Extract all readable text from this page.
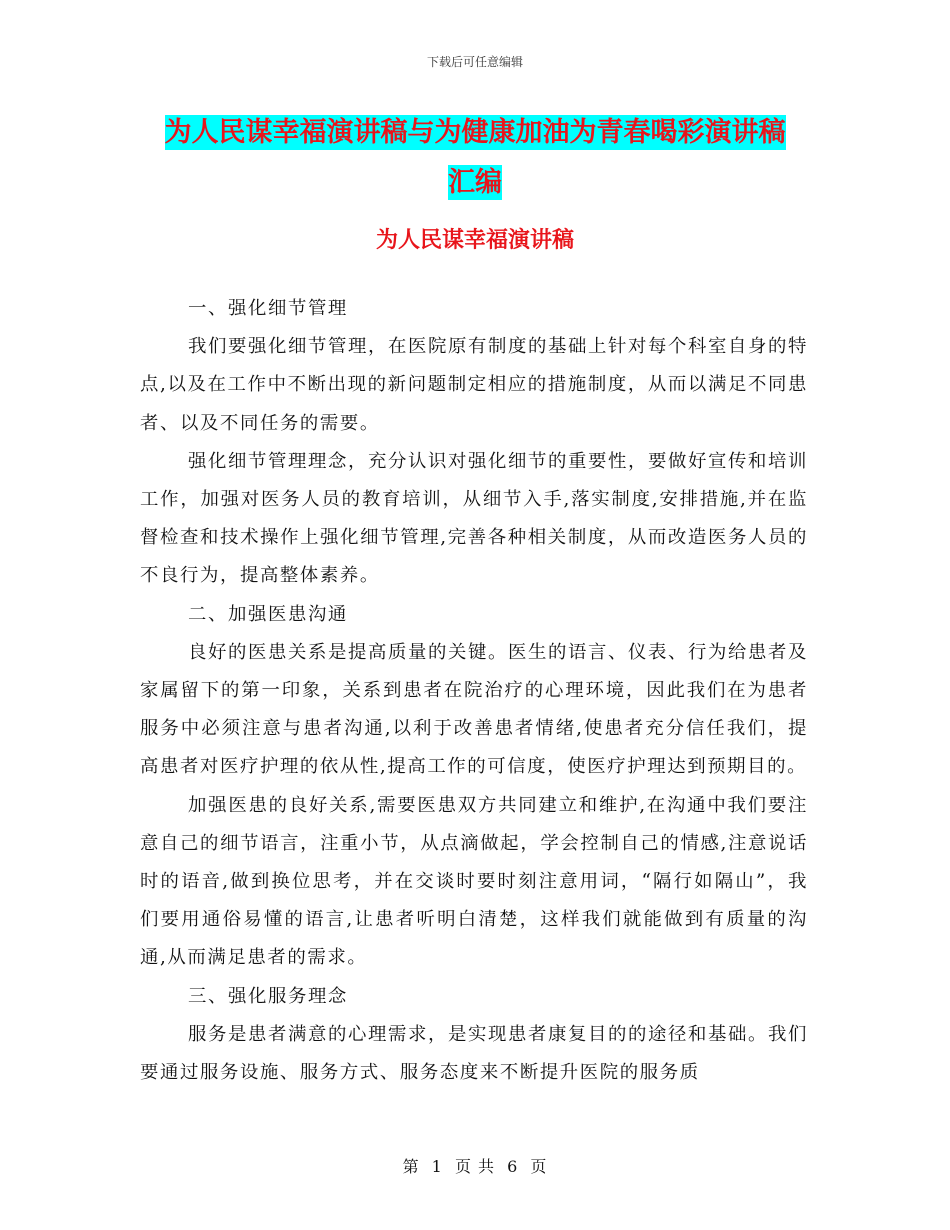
下载后可任意编辑
为人民谋幸福演讲稿与为健康加油为青春喝彩演讲稿
汇编
为人民谋幸福演讲稿

一、强化细节管理

我们要强化细节管理，在医院原有制度的基础上针对每个科室自身的特点,以及在工作中不断出现的新问题制定相应的措施制度，从而以满足不同患者、以及不同任务的需要。

强化细节管理理念，充分认识对强化细节的重要性，要做好宣传和培训工作，加强对医务人员的教育培训，从细节入手,落实制度,安排措施,并在监督检查和技术操作上强化细节管理,完善各种相关制度，从而改造医务人员的不良行为，提高整体素养。

二、加强医患沟通

良好的医患关系是提高质量的关键。医生的语言、仪表、行为给患者及家属留下的第一印象，关系到患者在院治疗的心理环境，因此我们在为患者服务中必须注意与患者沟通,以利于改善患者情绪,使患者充分信任我们，提高患者对医疗护理的依从性,提高工作的可信度，使医疗护理达到预期目的。

加强医患的良好关系,需要医患双方共同建立和维护,在沟通中我们要注意自己的细节语言，注重小节，从点滴做起，学会控制自己的情感,注意说话时的语音,做到换位思考，并在交谈时要时刻注意用词，“隔行如隔山”，我们要用通俗易懂的语言,让患者听明白清楚，这样我们就能做到有质量的沟通,从而满足患者的需求。

三、强化服务理念

服务是患者满意的心理需求，是实现患者康复目的的途径和基础。我们要通过服务设施、服务方式、服务态度来不断提升医院的服务质

第 1 页 共 6 页
